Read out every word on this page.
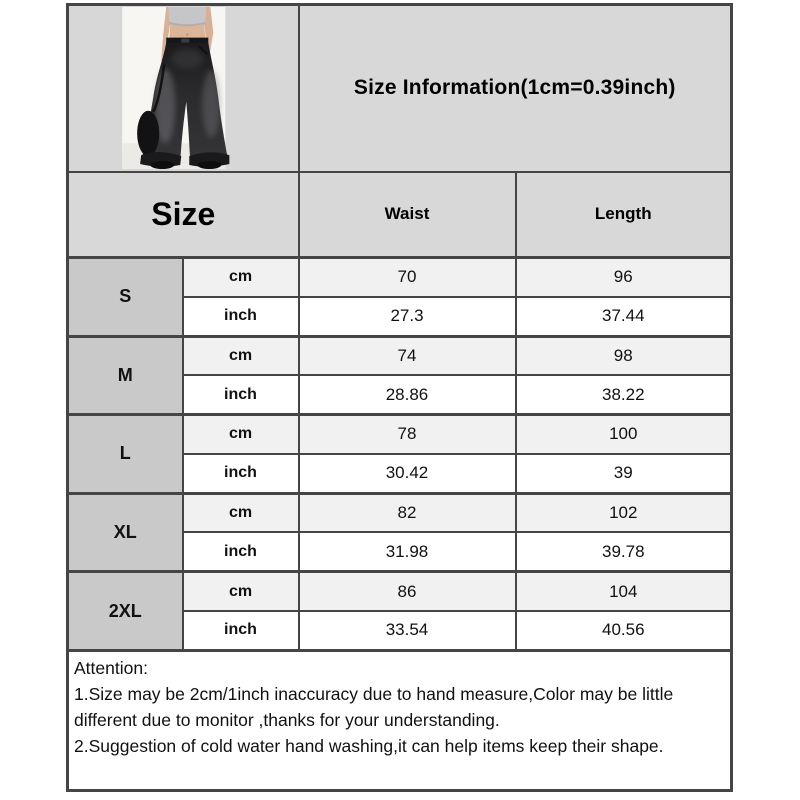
	Size Information(1cm=0.39inch)	
Size		Waist	Length
S	cm	70	96
	inch	27.3	37.44
M	cm	74	98
	inch	28.86	38.22
L	cm	78	100
	inch	30.42	39
XL	cm	82	102
	inch	31.98	39.78
2XL	cm	86	104
	inch	33.54	40.56

Attention:
1.Size may be 2cm/1inch inaccuracy due to hand measure,Color may be little different due to monitor ,thanks for your understanding.
2.Suggestion of cold water hand washing,it can help items keep their shape.			
